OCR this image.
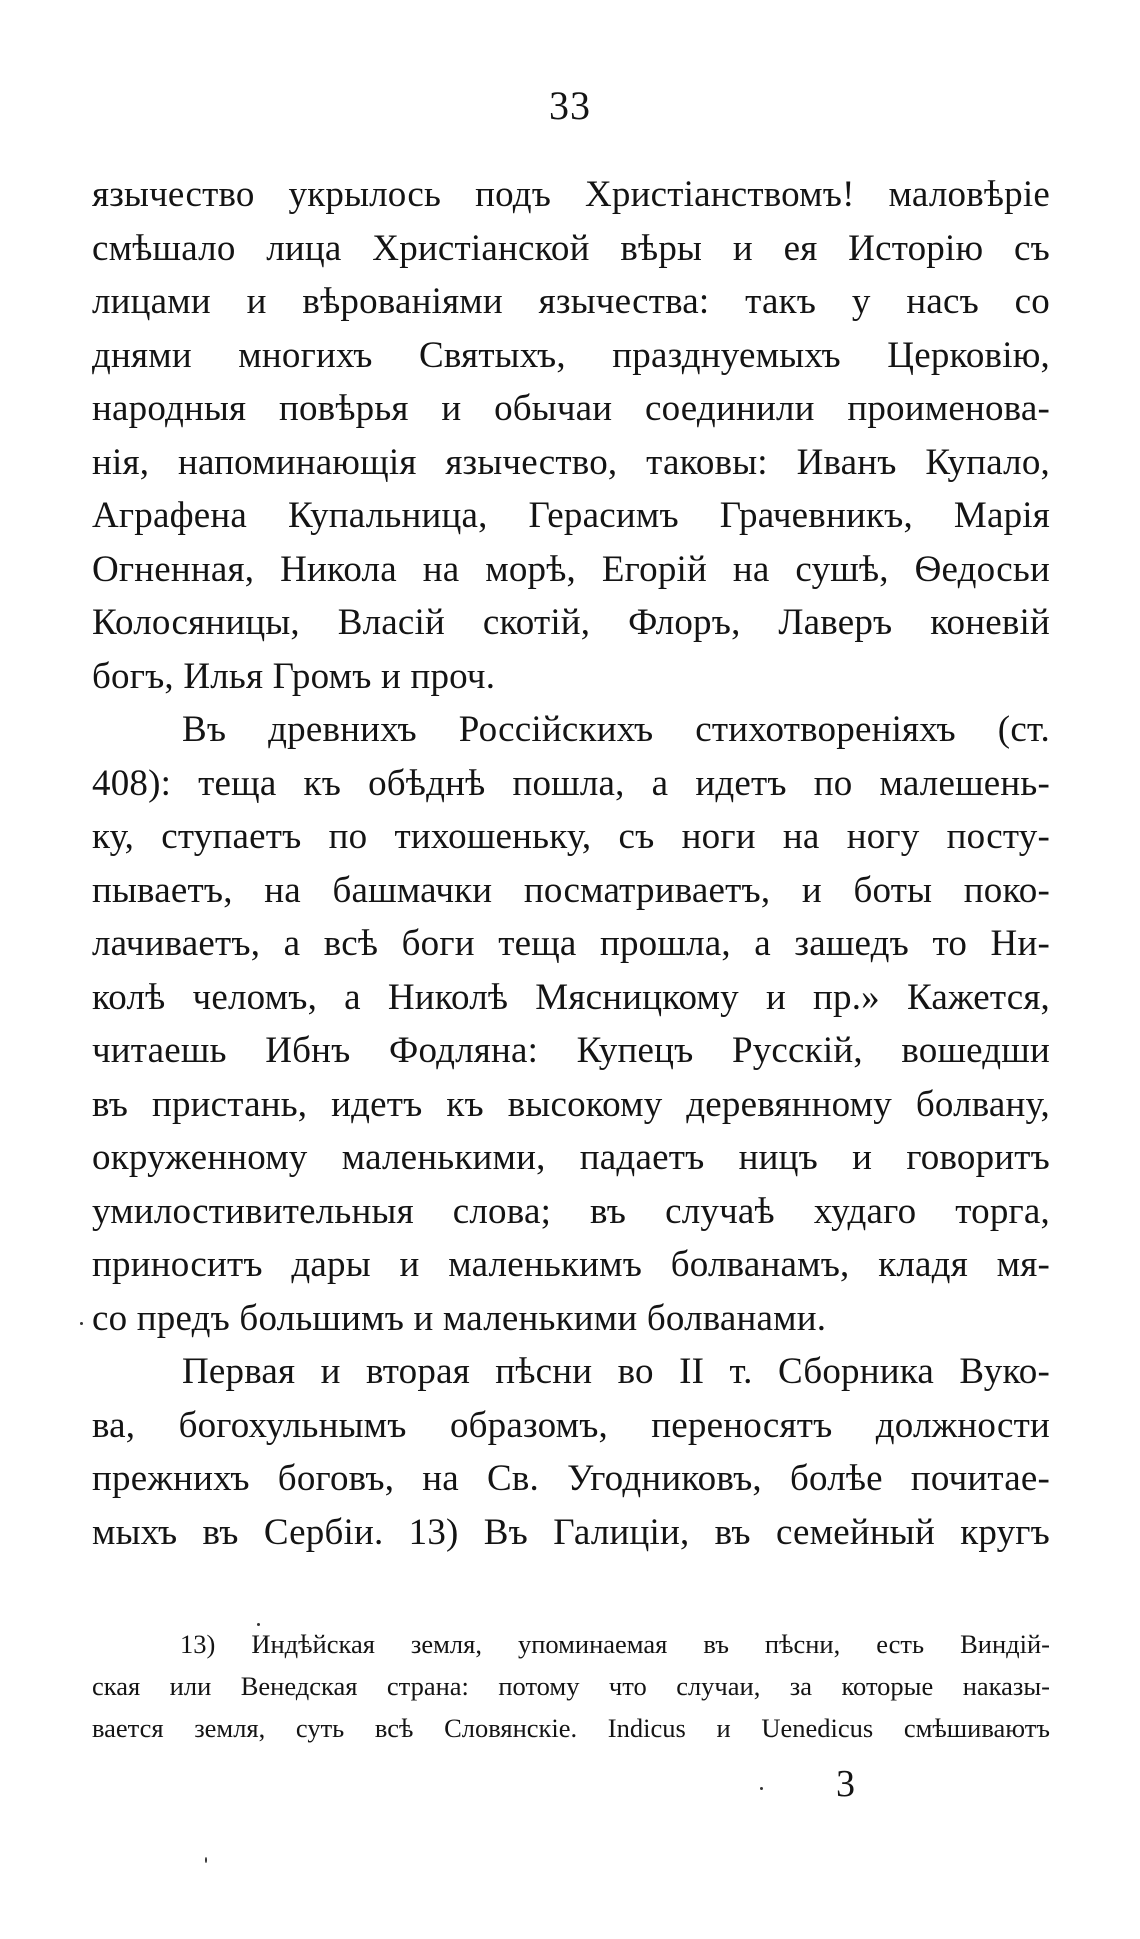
33
язычество укрылось подъ Христіанствомъ! маловѣріе
смѣшало лица Христіанской вѣры и ея Исторію съ
лицами и вѣрованіями язычества: такъ у насъ со
днями многихъ Святыхъ, празднуемыхъ Церковію,
народныя повѣрья и обычаи соединили проименова-
нія, напоминающія язычество, таковы: Иванъ Купало,
Аграфена Купальница, Герасимъ Грачевникъ, Марія
Огненная, Никола на морѣ, Егорій на сушѣ, Ѳедосьи
Колосяницы, Власій скотій, Флоръ, Лаверъ коневій
богъ, Илья Громъ и проч.
Въ древнихъ Россійскихъ стихотвореніяхъ (ст.
408): теща къ обѣднѣ пошла, а идетъ по малешень-
ку, ступаетъ по тихошеньку, съ ноги на ногу посту-
пываетъ, на башмачки посматриваетъ, и боты поко-
лачиваетъ, а всѣ боги теща прошла, а зашедъ то Ни-
колѣ челомъ, а Николѣ Мясницкому и пр.» Кажется,
читаешь Ибнъ Фодляна: Купецъ Русскій, вошедши
въ пристань, идетъ къ высокому деревянному болвану,
окруженному маленькими, падаетъ ницъ и говоритъ
умилостивительныя слова; въ случаѣ худаго торга,
приноситъ дары и маленькимъ болванамъ, кладя мя-
со предъ большимъ и маленькими болванами.
Первая и вторая пѣсни во II т. Сборника Вуко-
ва, богохульнымъ образомъ, переносятъ должности
прежнихъ боговъ, на Св. Угодниковъ, болѣе почитае-
мыхъ въ Сербіи. 13) Въ Галиціи, въ семейный кругъ
13) Индѣйская земля, упоминаемая въ пѣсни, есть Виндій-
ская или Венедская страна: потому что случаи, за которые наказы-
вается земля, суть всѣ Словянскіе. Indicus и Uenedicus смѣшиваютъ
3
